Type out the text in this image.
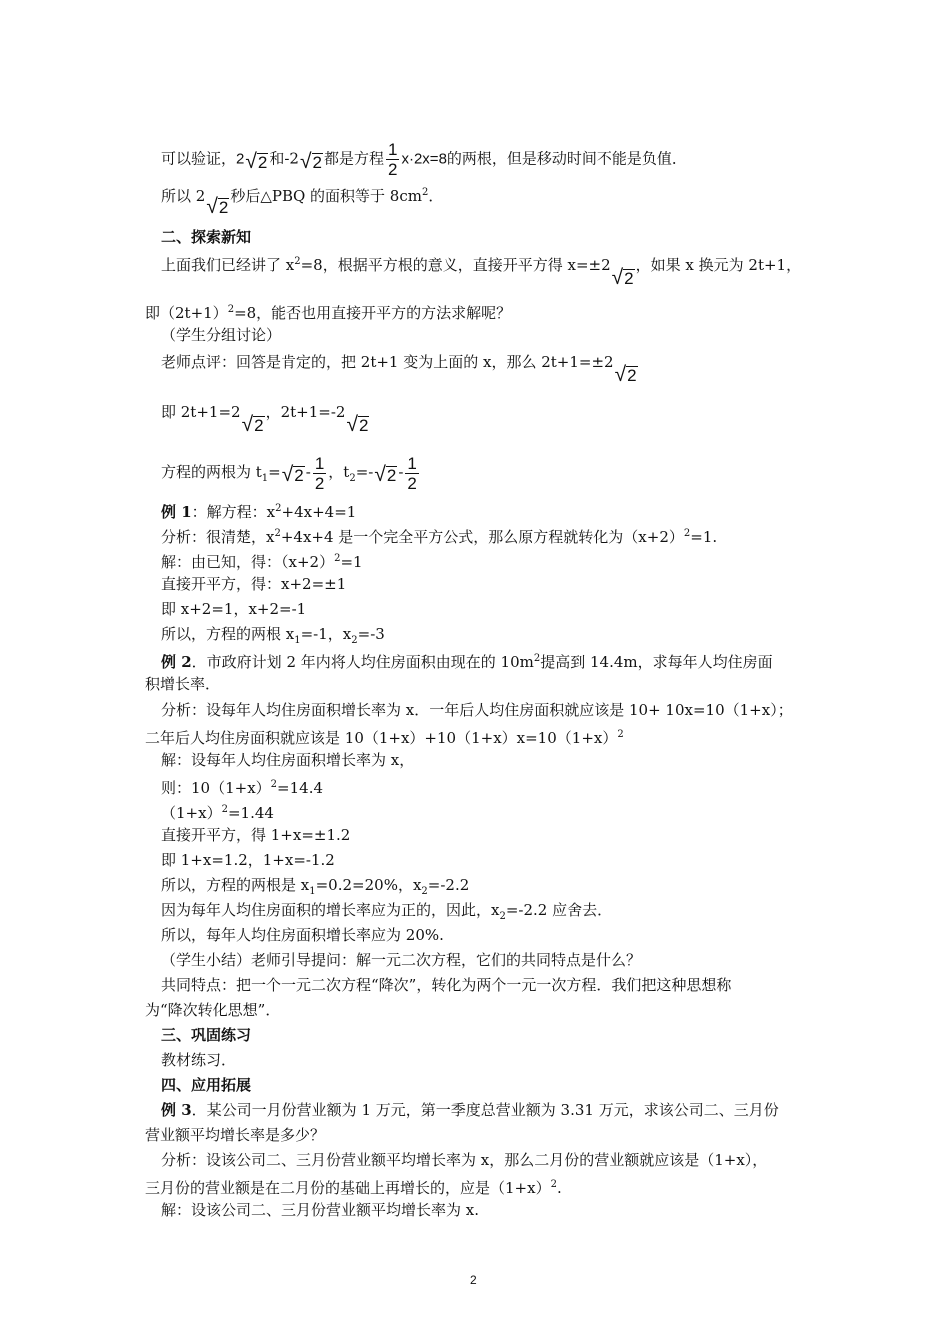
可以验证，2 √ 2 和-2 √ 2 都是方程 $\frac{1}{2} x\cdot 2x=8$的两根，但是移动时间不能是负值．
所以 2 √ 2
秒后△PBQ 的面积等于 $8cm^2$．
二、探索新知
上面我们已经讲了 $x^2=8$，根据平方根的意义，直接开平方得 x=±2
√ 2
，如果 x 换元为 2t+1，
即$(2t+1)^2=8$，能否也用直接开平方的方法求解呢？
（学生分组讨论）
老师点评：回答是肯定的，把 2t+1 变为上面的 x，那么 2t+1=±2
√ 2
即 2t+1=2
√ 2
，2t+1=-2
√ 2
方程的两根为 $t_1=$ √ $2 - \frac{1}{2}$ ，$t_2=-$ √ $2 - \frac{1}{2}$
例 1：解方程：$x^2+4x+4=1$
分析：很清楚，$x^2+4x+4$ 是一个完全平方公式，那么原方程就转化为$(x+2)^2=1$.
解：由已知，得：$(x+2)^2=1$
直接开平方，得：x+2=±1
即 x+2=1，x+2=-1
所以，方程的两根 $x_1=-1$，$x_2=-3$
例 2．市政府计划 2 年内将人均住房面积由现在的 $10m^2$提高到 14.4m，求每年人均住房面
积增长率．
分析：设每年人均住房面积增长率为 x．一年后人均住房面积就应该是 10+ 10x=10（1+x）；
二年后人均住房面积就应该是 $10(1+x)+10(1+x)x=10(1+x)^2$
解：设每年人均住房面积增长率为 x，
则：$10(1+x)^2=14.4$
$(1+x)^2=1.44$
直接开平方，得 1+x=±1.2
即 1+x=1.2，1+x=-1.2
所以，方程的两根是 $x_1=0.2=20\%$，$x_2=-2.2$
因为每年人均住房面积的增长率应为正的，因此，$x_2=-2.2$ 应舍去．
所以，每年人均住房面积增长率应为 20%.
（学生小结）老师引导提问：解一元二次方程，它们的共同特点是什么？
共同特点：把一个一元二次方程“降次”，转化为两个一元一次方程．我们把这种思想称
为“降次转化思想”．
三、巩固练习
教材练习．
四、应用拓展
例 3．某公司一月份营业额为 1 万元，第一季度总营业额为 3.31 万元，求该公司二、三月份
营业额平均增长率是多少？
分析：设该公司二、三月份营业额平均增长率为 x，那么二月份的营业额就应该是（1+x），
三月份的营业额是在二月份的基础上再增长的，应是$(1+x)^2$.
解：设该公司二、三月份营业额平均增长率为 x.
2
